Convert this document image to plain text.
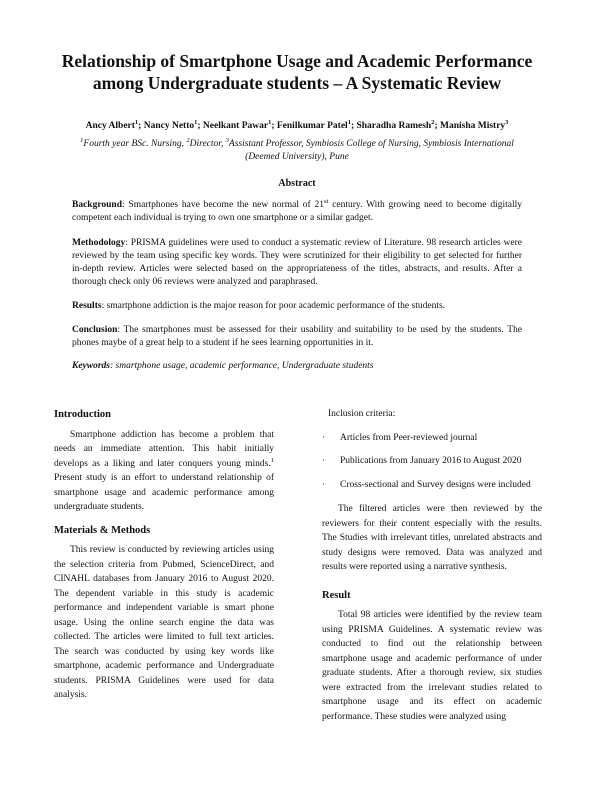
Relationship of Smartphone Usage and Academic Performance
among Undergraduate students – A Systematic Review
Ancy Albert$^1$; Nancy Netto$^1$; Neelkant Pawar$^1$; Fenilkumar Patel$^1$; Sharadha Ramesh$^2$; Manisha Mistry$^3$
$^1$Fourth year BSc. Nursing, $^2$Director, $^3$Assistant Professor, Symbiosis College of Nursing, Symbiosis International
(Deemed University), Pune
Abstract

Background: Smartphones have become the new normal of 21st century. With growing need to become digitally competent each individual is trying to own one smartphone or a similar gadget.

Methodology: PRISMA guidelines were used to conduct a systematic review of Literature. 98 research articles were reviewed by the team using specific key words. They were scrutinized for their eligibility to get selected for further in-depth review. Articles were selected based on the appropriateness of the titles, abstracts, and results. After a thorough check only 06 reviews were analyzed and paraphrased.

Results: smartphone addiction is the major reason for poor academic performance of the students.

Conclusion: The smartphones must be assessed for their usability and suitability to be used by the students. The phones maybe of a great help to a student if he sees learning opportunities in it.

Keywords: smartphone usage, academic performance, Undergraduate students

Introduction

Smartphone addiction has become a problem that needs an immediate attention. This habit initially develops as a liking and later conquers young minds.$^1$ Present study is an effort to understand relationship of smartphone usage and academic performance among undergraduate students.

Materials & Methods

This review is conducted by reviewing articles using the selection criteria from Pubmed, ScienceDirect, and CINAHL databases from January 2016 to August 2020. The dependent variable in this study is academic performance and independent variable is smart phone usage. Using the online search engine the data was collected. The articles were limited to full text articles. The search was conducted by using key words like smartphone, academic performance and Undergraduate students. PRISMA Guidelines were used for data analysis.

Inclusion criteria:

· Articles from Peer-reviewed journal

· Publications from January 2016 to August 2020

· Cross-sectional and Survey designs were included

The filtered articles were then reviewed by the reviewers for their content especially with the results. The Studies with irrelevant titles, unrelated abstracts and study designs were removed. Data was analyzed and results were reported using a narrative synthesis.

Result

Total 98 articles were identified by the review team using PRISMA Guidelines. A systematic review was conducted to find out the relationship between smartphone usage and academic performance of under graduate students. After a thorough review, six studies were extracted from the irrelevant studies related to smartphone usage and its effect on academic performance. These studies were analyzed using
